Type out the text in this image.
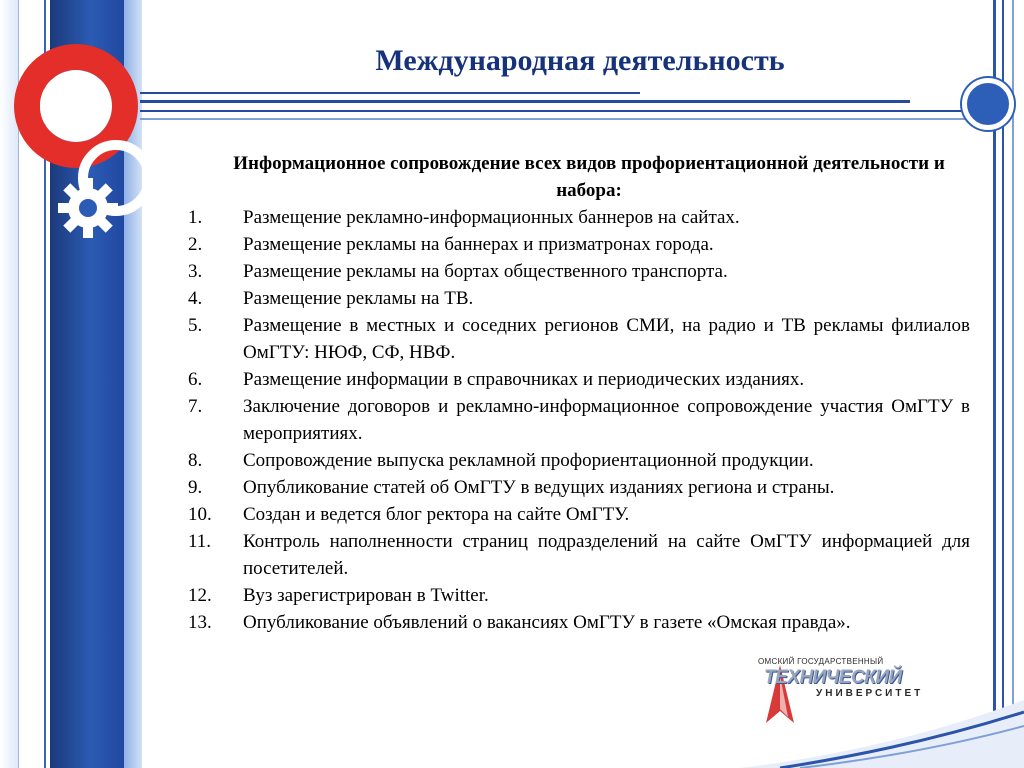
Международная деятельность
Информационное сопровождение всех видов профориентационной деятельности и набора:
1.	Размещение рекламно-информационных баннеров на сайтах.
2.	Размещение рекламы на баннерах и призматронах города.
3.	Размещение рекламы на бортах общественного транспорта.
4.	Размещение рекламы на ТВ.
5.	Размещение в местных и соседних регионов СМИ, на радио и ТВ рекламы филиалов ОмГТУ: НЮФ, СФ, НВФ.
6.	Размещение информации в справочниках и периодических изданиях.
7.	Заключение договоров и рекламно-информационное сопровождение участия ОмГТУ в мероприятиях.
8.	Сопровождение выпуска рекламной профориентационной продукции.
9.	Опубликование статей об ОмГТУ в ведущих изданиях региона и страны.
10.	Создан и ведется блог ректора на сайте ОмГТУ.
11.	Контроль наполненности страниц подразделений на сайте ОмГТУ информацией для посетителей.
12.	Вуз зарегистрирован в Twitter.
13.	Опубликование объявлений о вакансиях ОмГТУ в газете «Омская правда».
ОМСКИЙ ГОСУДАРСТВЕННЫЙ
ТЕХНИЧЕСКИЙ
УНИВЕРСИТЕТ
